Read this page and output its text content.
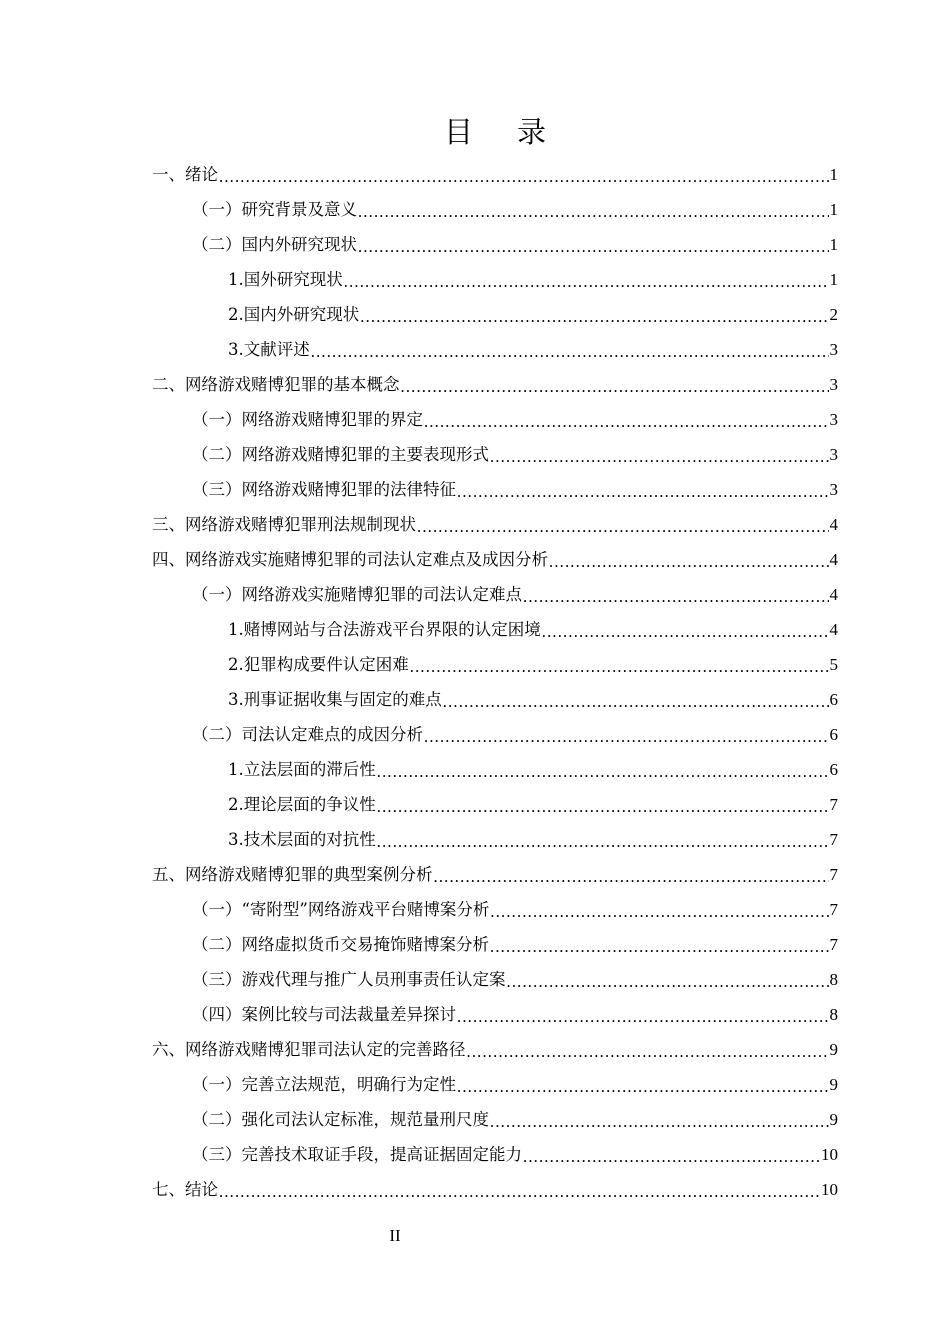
目 录
一、绪论 .....	1
（一）研究背景及意义 .....	1
（二）国内外研究现状 .....	1
1.国外研究现状 .....	1
2.国内外研究现状 .....	2
3.文献评述 .....	3
二、网络游戏赌博犯罪的基本概念 .....	3
（一）网络游戏赌博犯罪的界定 .....	3
（二）网络游戏赌博犯罪的主要表现形式 .....	3
（三）网络游戏赌博犯罪的法律特征 .....	3
三、网络游戏赌博犯罪刑法规制现状 .....	4
四、网络游戏实施赌博犯罪的司法认定难点及成因分析 .....	4
（一）网络游戏实施赌博犯罪的司法认定难点 .....	4
1.赌博网站与合法游戏平台界限的认定困境 .....	4
2.犯罪构成要件认定困难 .....	5
3.刑事证据收集与固定的难点 .....	6
（二）司法认定难点的成因分析 .....	6
1.立法层面的滞后性 .....	6
2.理论层面的争议性 .....	7
3.技术层面的对抗性 .....	7
五、网络游戏赌博犯罪的典型案例分析 .....	7
（一）“寄附型”网络游戏平台赌博案分析 .....	7
（二）网络虚拟货币交易掩饰赌博案分析 .....	7
（三）游戏代理与推广人员刑事责任认定案 .....	8
（四）案例比较与司法裁量差异探讨 .....	8
六、网络游戏赌博犯罪司法认定的完善路径 .....	9
（一）完善立法规范，明确行为定性 .....	9
（二）强化司法认定标准，规范量刑尺度 .....	9
（三）完善技术取证手段，提高证据固定能力 .....	10
七、结论 .....	10
II
